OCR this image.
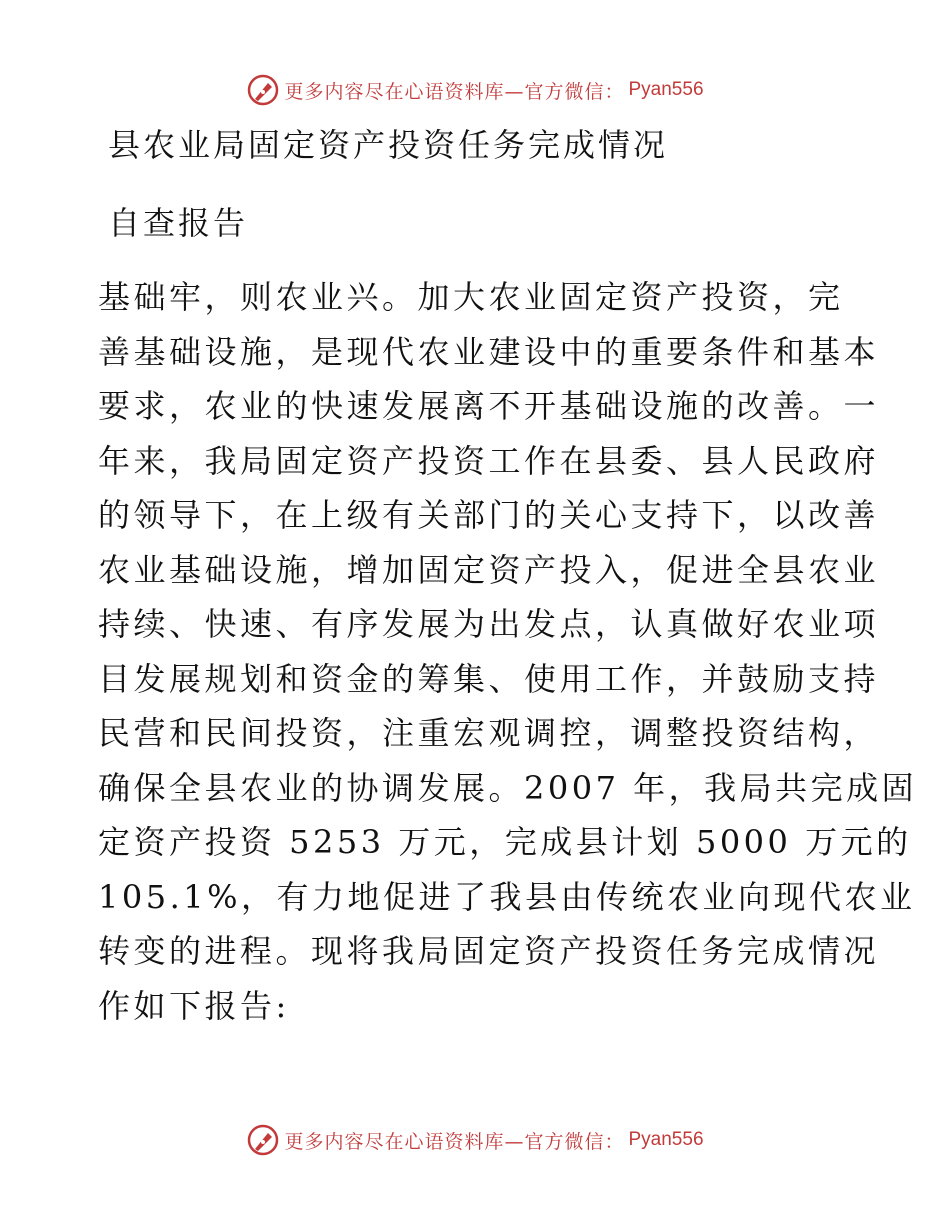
更多内容尽在心语资料库—官方微信： Pyan556
县农业局固定资产投资任务完成情况
自查报告
基础牢，则农业兴。加大农业固定资产投资，完
善基础设施，是现代农业建设中的重要条件和基本
要求，农业的快速发展离不开基础设施的改善。一
年来，我局固定资产投资工作在县委、县人民政府
的领导下，在上级有关部门的关心支持下，以改善
农业基础设施，增加固定资产投入，促进全县农业
持续、快速、有序发展为出发点，认真做好农业项
目发展规划和资金的筹集、使用工作，并鼓励支持
民营和民间投资，注重宏观调控，调整投资结构，
确保全县农业的协调发展。2007 年，我局共完成固
定资产投资 5253 万元，完成县计划 5000 万元的
105.1%，有力地促进了我县由传统农业向现代农业
转变的进程。现将我局固定资产投资任务完成情况
作如下报告:
更多内容尽在心语资料库—官方微信： Pyan556
